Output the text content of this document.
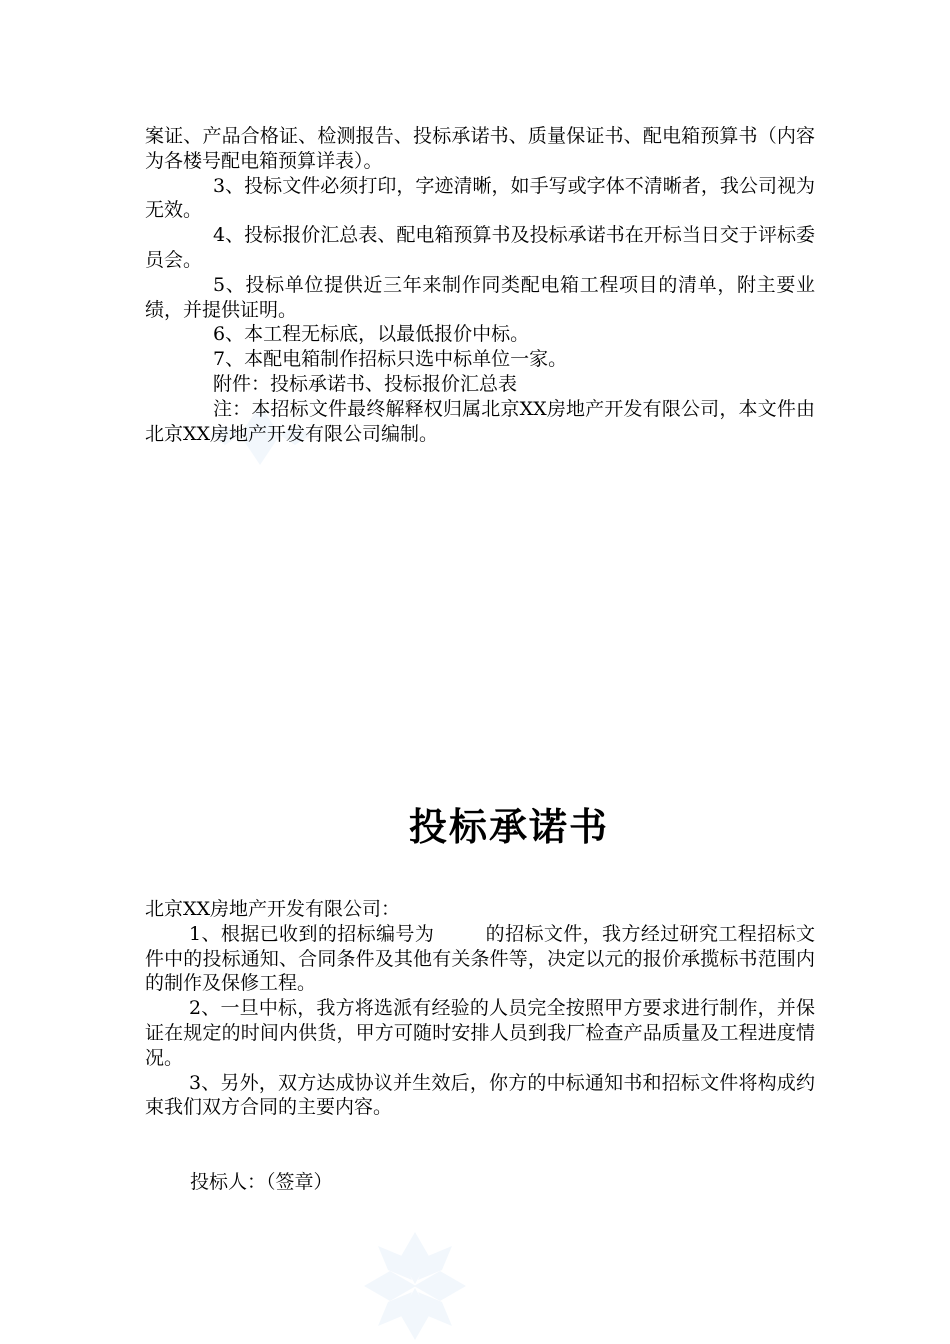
案证、产品合格证、检测报告、投标承诺书、质量保证书、配电箱预算书（内容为各楼号配电箱预算详表）。

3、投标文件必须打印，字迹清晰，如手写或字体不清晰者，我公司视为无效。

4、投标报价汇总表、配电箱预算书及投标承诺书在开标当日交于评标委员会。

5、投标单位提供近三年来制作同类配电箱工程项目的清单，附主要业绩，并提供证明。

6、本工程无标底，以最低报价中标。

7、本配电箱制作招标只选中标单位一家。

附件：投标承诺书、投标报价汇总表

注：本招标文件最终解释权归属北京XX房地产开发有限公司，本文件由北京XX房地产开发有限公司编制。

投标承诺书

北京XX房地产开发有限公司：

1、根据已收到的招标编号为        的招标文件，我方经过研究工程招标文件中的投标通知、合同条件及其他有关条件等，决定以元的报价承揽标书范围内的制作及保修工程。

2、一旦中标，我方将选派有经验的人员完全按照甲方要求进行制作，并保证在规定的时间内供货，甲方可随时安排人员到我厂检查产品质量及工程进度情况。

3、另外，双方达成协议并生效后，你方的中标通知书和招标文件将构成约束我们双方合同的主要内容。

投标人：（签章）
